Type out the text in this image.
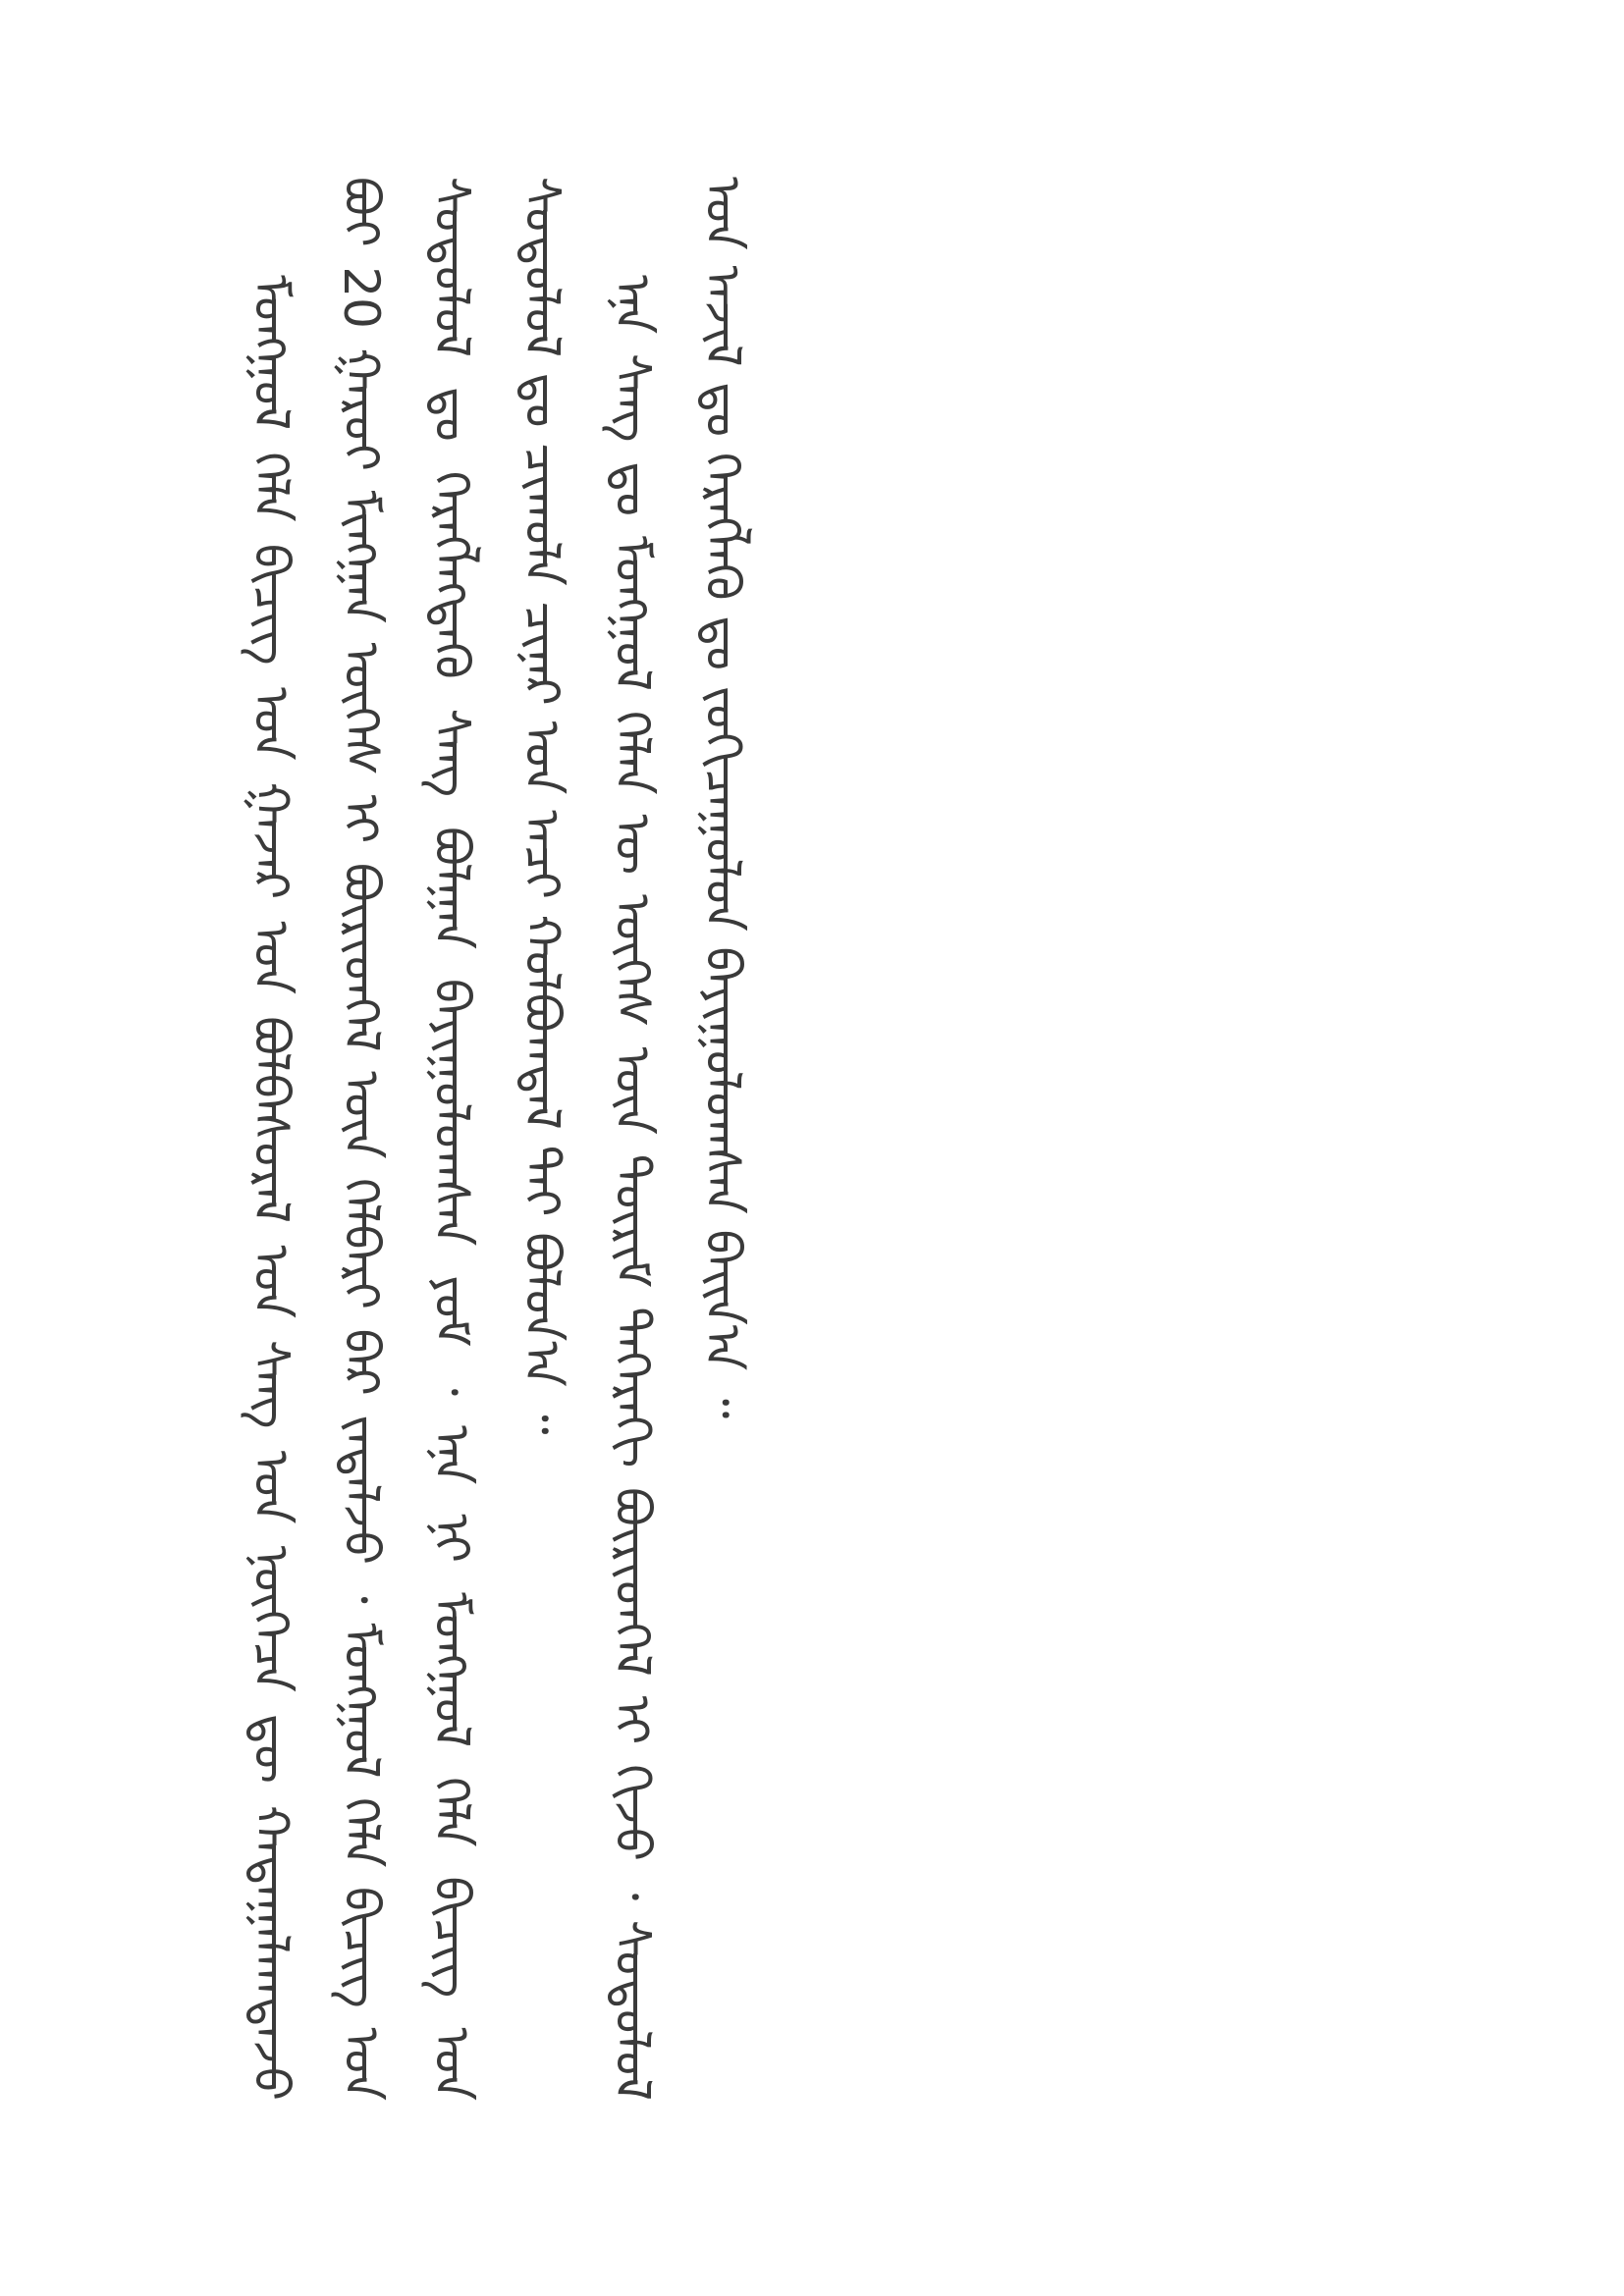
ᠮᠣᠩᠭᠣᠯ ᠬᠡᠯᠡ ᠪᠢᠴᠢᠭ᠌ ᠤᠨ ᠭᠠᠵᠠᠷ ᠤᠨ ᠪᠣᠯᠪᠠᠰᠤᠷᠠᠯ ᠤᠨ ᠰᠠᠩ ᠤᠨ ᠨᠥᠭᠡᠴᠡ ᠳᠦ ᠬᠠᠳᠠᠭᠠᠯᠠᠭᠳᠠᠵᠤ ᠪᠤᠢ 20 ᠭᠠᠷᠤᠢ ᠮᠢᠩᠭᠠᠨ ᠦᠭᠡᠰ ᠢ ᠪᠦᠷᠢᠳᠬᠡᠯ ᠦᠨ ᠬᠡᠯᠪᠡᠷᠢ ᠪᠡᠷ ᠵᠠᠳᠠᠯᠵᠤ ᠂ ᠮᠣᠩᠭᠣᠯ ᠬᠡᠯᠡ ᠪᠢᠴᠢᠭ᠌ ᠤᠨ ᠰᠤᠳᠤᠯᠤᠯ ᠳᠤ ᠬᠡᠷᠡᠭᠯᠡᠭᠳᠡᠬᠦ ᠰᠠᠩ ᠪᠣᠯᠭᠠᠨ ᠪᠠᠶᠢᠭᠤᠯᠤᠭᠰᠠᠨ ᠶᠤᠮ ᠂ ᠡᠨᠡ ᠨᠢ ᠮᠣᠩᠭᠣᠯ ᠬᠡᠯᠡ ᠪᠢᠴᠢᠭ᠌ ᠤᠨ ᠰᠤᠳᠤᠯᠤᠯ ᠳᠤ ᠴᠢᠬᠤᠯᠠ ᠴᠢᠨᠠᠷ ᠤᠨ ᠠᠴᠢ ᠬᠣᠯᠪᠣᠭᠳᠠᠯ ᠲᠠᠢ ᠪᠣᠯᠤᠨ᠎ᠠ ᠃ ᠡᠨᠡ ᠰᠠᠩ ᠳᠤ ᠮᠣᠩᠭᠣᠯ ᠬᠡᠯᠡᠨ ᠦ ᠦᠭᠡᠰ ᠦᠨ ᠳᠦᠷᠢᠮ ᠳᠡᠭᠡᠷᠡᠬᠢ ᠪᠦᠷᠢᠳᠬᠡᠯ ᠢ ᠬᠢᠵᠦ ᠂ ᠰᠤᠳᠤᠯᠤᠯ ᠤᠨ ᠠᠵᠢᠯ ᠳᠤ ᠬᠡᠷᠡᠭᠯᠡᠬᠦ ᠳᠤ ᠵᠣᠬᠢᠴᠠᠭᠤᠯᠤᠨ ᠪᠠᠶᠢᠭᠤᠯᠤᠭᠰᠠᠨ ᠪᠠᠢᠨ᠎ᠠ ᠃
